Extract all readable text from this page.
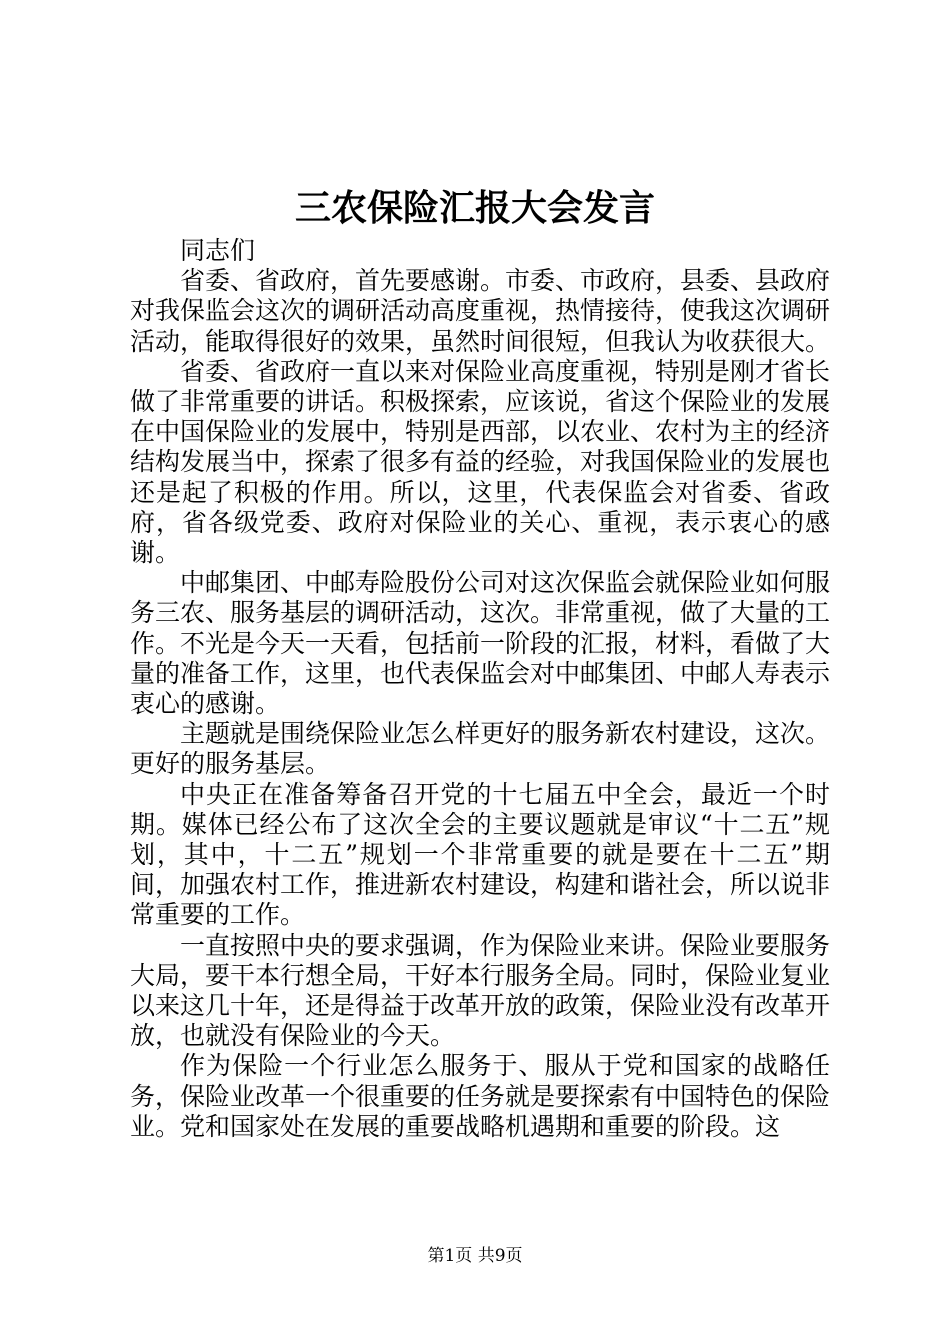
三农保险汇报大会发言

同志们

省委、省政府，首先要感谢。市委、市政府，县委、县政府对我保监会这次的调研活动高度重视，热情接待，使我这次调研活动，能取得很好的效果，虽然时间很短，但我认为收获很大。

省委、省政府一直以来对保险业高度重视，特别是刚才省长做了非常重要的讲话。积极探索，应该说，省这个保险业的发展在中国保险业的发展中，特别是西部，以农业、农村为主的经济结构发展当中，探索了很多有益的经验，对我国保险业的发展也还是起了积极的作用。所以，这里，代表保监会对省委、省政府，省各级党委、政府对保险业的关心、重视，表示衷心的感谢。

中邮集团、中邮寿险股份公司对这次保监会就保险业如何服务三农、服务基层的调研活动，这次。非常重视，做了大量的工作。不光是今天一天看，包括前一阶段的汇报，材料，看做了大量的准备工作，这里，也代表保监会对中邮集团、中邮人寿表示衷心的感谢。

主题就是围绕保险业怎么样更好的服务新农村建设，这次。更好的服务基层。

中央正在准备筹备召开党的十七届五中全会，最近一个时期。媒体已经公布了这次全会的主要议题就是审议“十二五”规划，其中，十二五”规划一个非常重要的就是要在十二五”期间，加强农村工作，推进新农村建设，构建和谐社会，所以说非常重要的工作。

一直按照中央的要求强调，作为保险业来讲。保险业要服务大局，要干本行想全局，干好本行服务全局。同时，保险业复业以来这几十年，还是得益于改革开放的政策，保险业没有改革开放，也就没有保险业的今天。

作为保险一个行业怎么服务于、服从于党和国家的战略任务，保险业改革一个很重要的任务就是要探索有中国特色的保险业。党和国家处在发展的重要战略机遇期和重要的阶段。这

第1页 共9页
